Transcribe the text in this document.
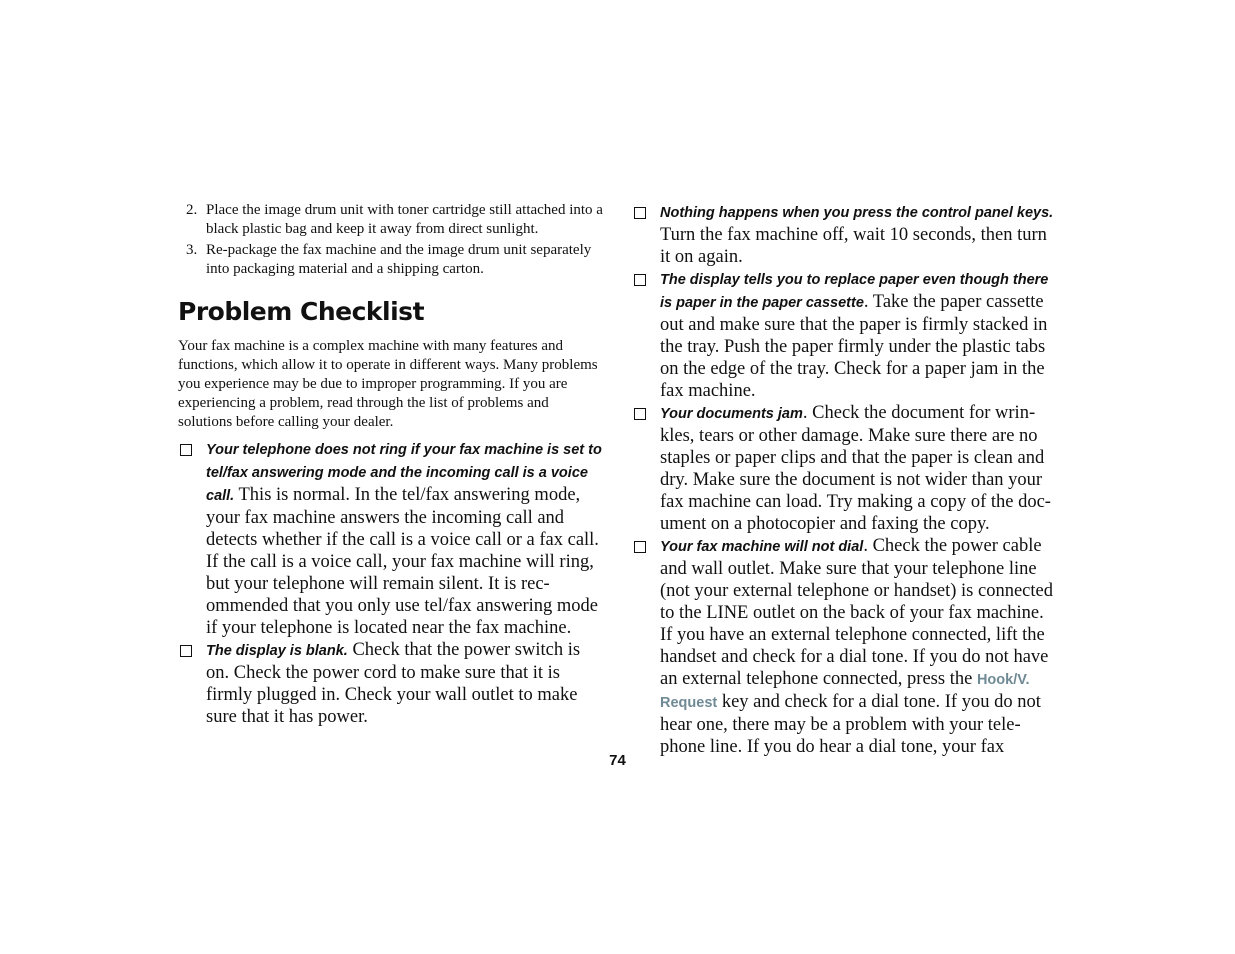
2. Place the image drum unit with toner cartridge still attached into a black plastic bag and keep it away from direct sunlight.
3. Re-package the fax machine and the image drum unit separately into packaging material and a shipping carton.
Problem Checklist

Your fax machine is a complex machine with many features and functions, which allow it to operate in different ways. Many problems you experience may be due to improper programming. If you are experiencing a problem, read through the list of problems and solutions before calling your dealer.

Your telephone does not ring if your fax machine is set to tel/fax answering mode and the incoming call is a voice call. This is normal. In the tel/fax answering mode, your fax machine answers the incoming call and detects whether if the call is a voice call or a fax call. If the call is a voice call, your fax machine will ring, but your telephone will remain silent. It is rec-ommended that you only use tel/fax answering mode if your telephone is located near the fax machine.

The display is blank. Check that the power switch is on. Check the power cord to make sure that it is firmly plugged in. Check your wall outlet to make sure that it has power.

Nothing happens when you press the control panel keys. Turn the fax machine off, wait 10 seconds, then turn it on again.

The display tells you to replace paper even though there is paper in the paper cassette. Take the paper cassette out and make sure that the paper is firmly stacked in the tray. Push the paper firmly under the plastic tabs on the edge of the tray. Check for a paper jam in the fax machine.

Your documents jam. Check the document for wrin-kles, tears or other damage. Make sure there are no staples or paper clips and that the paper is clean and dry. Make sure the document is not wider than your fax machine can load. Try making a copy of the doc-ument on a photocopier and faxing the copy.

Your fax machine will not dial. Check the power cable and wall outlet. Make sure that your telephone line (not your external telephone or handset) is connected to the LINE outlet on the back of your fax machine. If you have an external telephone connected, lift the handset and check for a dial tone. If you do not have an external telephone connected, press the Hook/V. Request key and check for a dial tone. If you do not hear one, there may be a problem with your tele-phone line. If you do hear a dial tone, your fax

74
